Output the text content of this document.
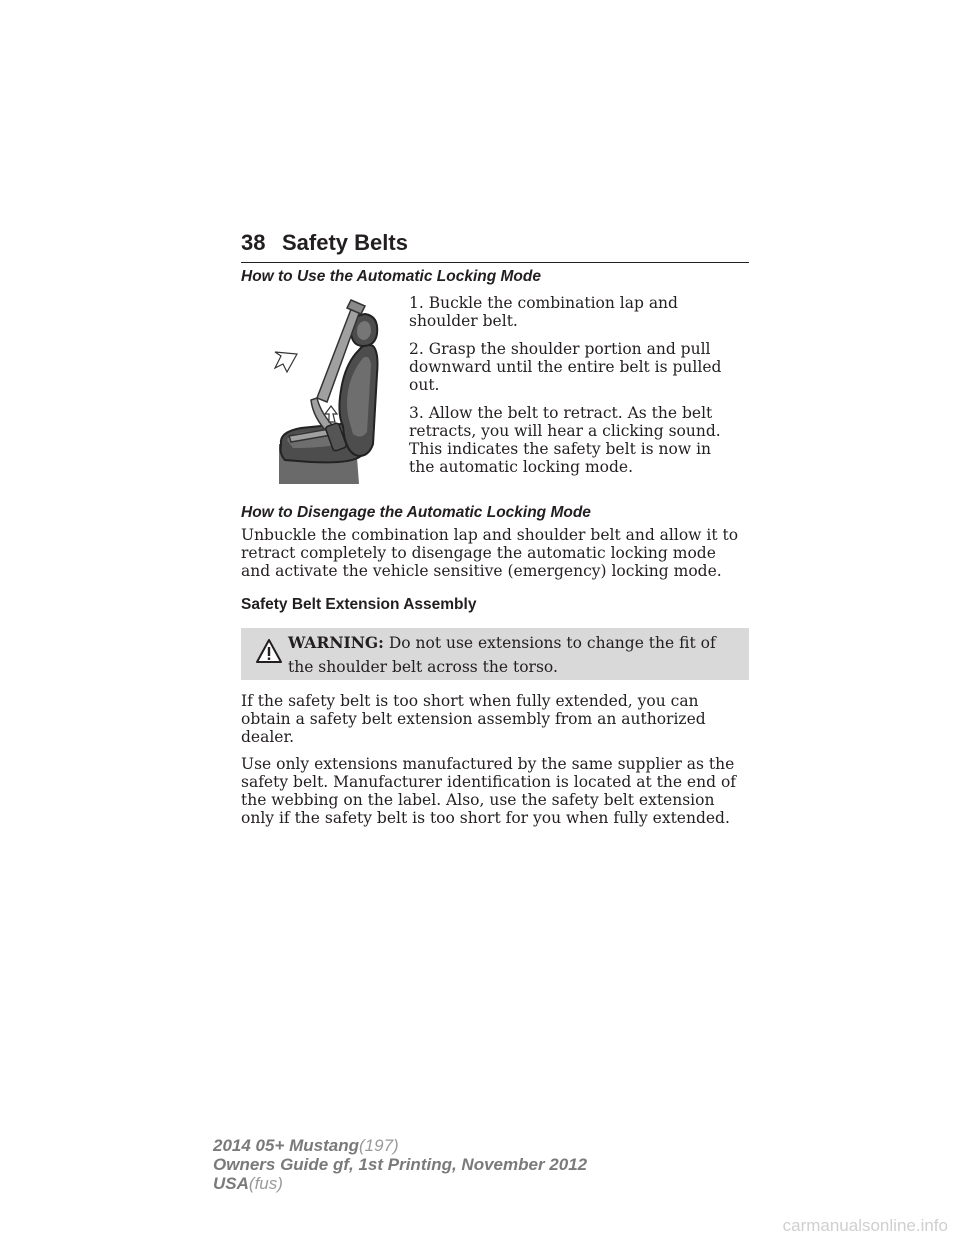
38 Safety Belts
How to Use the Automatic Locking Mode

1. Buckle the combination lap and shoulder belt.

2. Grasp the shoulder portion and pull downward until the entire belt is pulled out.

3. Allow the belt to retract. As the belt retracts, you will hear a clicking sound. This indicates the safety belt is now in the automatic locking mode.

How to Disengage the Automatic Locking Mode

Unbuckle the combination lap and shoulder belt and allow it to retract completely to disengage the automatic locking mode and activate the vehicle sensitive (emergency) locking mode.

Safety Belt Extension Assembly
WARNING: Do not use extensions to change the fit of the shoulder belt across the torso.

If the safety belt is too short when fully extended, you can obtain a safety belt extension assembly from an authorized dealer.

Use only extensions manufactured by the same supplier as the safety belt. Manufacturer identification is located at the end of the webbing on the label. Also, use the safety belt extension only if the safety belt is too short for you when fully extended.

2014 05+ Mustang(197)
Owners Guide gf, 1st Printing, November 2012
USA(fus)
carmanualsonline.info
